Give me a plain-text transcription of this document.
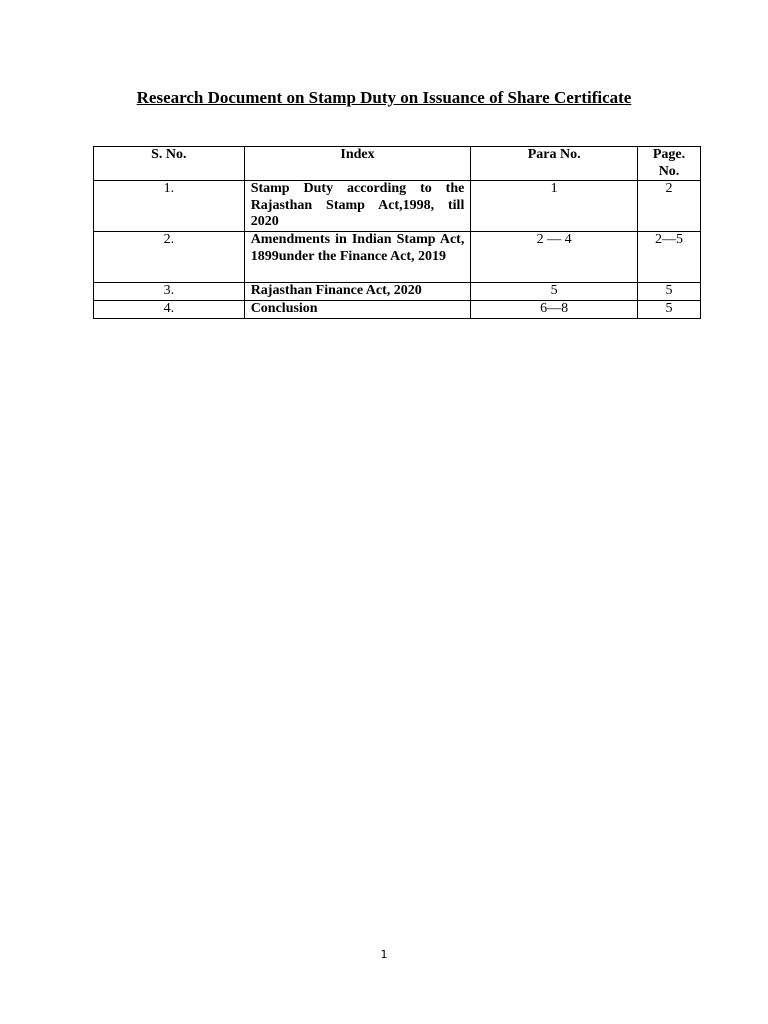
Research Document on Stamp Duty on Issuance of Share Certificate
S. No.	Index	Para No.	Page. No.
1.	Stamp Duty according to the Rajasthan Stamp Act,1998, till 2020	1	2
2.	Amendments in Indian Stamp Act, 1899under the Finance Act, 2019	2 — 4	2—5
3.	Rajasthan Finance Act, 2020	5	5
4.	Conclusion	6—8	5
1
